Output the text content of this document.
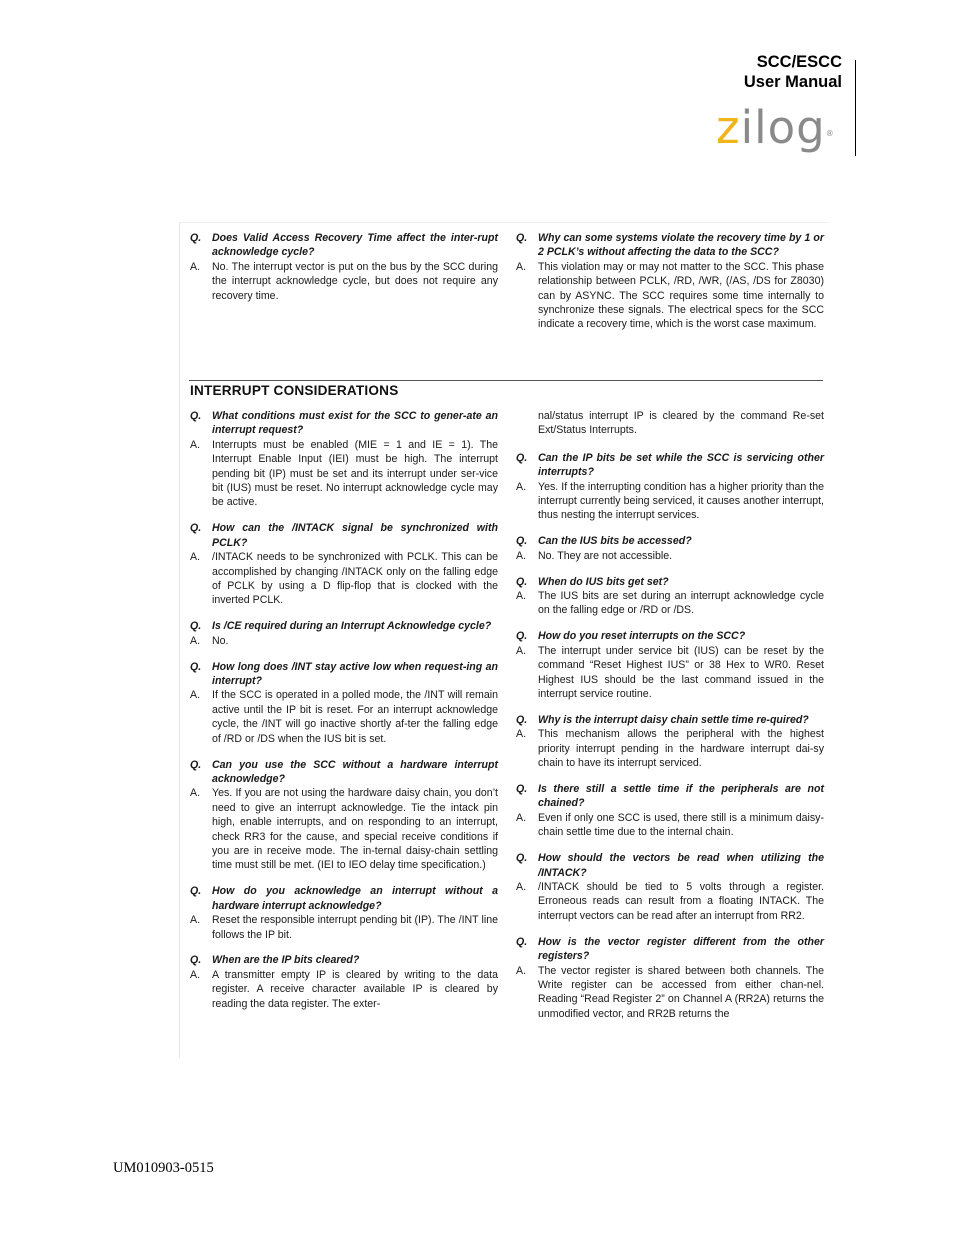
SCC/ESCC
User Manual
zilog®
Q.	Does Valid Access Recovery Time affect the inter-rupt acknowledge cycle?
A.	No. The interrupt vector is put on the bus by the SCC during the interrupt acknowledge cycle, but does not require any recovery time.
Q.	Why can some systems violate the recovery time by 1 or 2 PCLK’s without affecting the data to the SCC?
A.	This violation may or may not matter to the SCC. This phase relationship between PCLK, /RD, /WR, (/AS, /DS for Z8030) can by ASYNC. The SCC requires some time internally to synchronize these signals. The electrical specs for the SCC indicate a recovery time, which is the worst case maximum.
INTERRUPT CONSIDERATIONS
Q.	What conditions must exist for the SCC to gener-ate an interrupt request?
A.	Interrupts must be enabled (MIE = 1 and IE = 1). The Interrupt Enable Input (IEI) must be high. The interrupt pending bit (IP) must be set and its interrupt under ser-vice bit (IUS) must be reset. No interrupt acknowledge cycle may be active.
Q.	How can the /INTACK signal be synchronized with PCLK?
A.	/INTACK needs to be synchronized with PCLK. This can be accomplished by changing /INTACK only on the falling edge of PCLK by using a D flip-flop that is clocked with the inverted PCLK.
Q.	Is /CE required during an Interrupt Acknowledge cycle?
A.	No.
Q.	How long does /INT stay active low when request-ing an interrupt?
A.	If the SCC is operated in a polled mode, the /INT will remain active until the IP bit is reset. For an interrupt acknowledge cycle, the /INT will go inactive shortly af-ter the falling edge of /RD or /DS when the IUS bit is set.
Q.	Can you use the SCC without a hardware interrupt acknowledge?
A.	Yes. If you are not using the hardware daisy chain, you don’t need to give an interrupt acknowledge. Tie the intack pin high, enable interrupts, and on responding to an interrupt, check RR3 for the cause, and special receive conditions if you are in receive mode. The in-ternal daisy-chain settling time must still be met. (IEI to IEO delay time specification.)
Q.	How do you acknowledge an interrupt without a hardware interrupt acknowledge?
A.	Reset the responsible interrupt pending bit (IP). The /INT line follows the IP bit.
Q.	When are the IP bits cleared?
A.	A transmitter empty IP is cleared by writing to the data register. A receive character available IP is cleared by reading the data register. The exter-
nal/status interrupt IP is cleared by the command Re-set Ext/Status Interrupts.
Q.	Can the IP bits be set while the SCC is servicing other interrupts?
A.	Yes. If the interrupting condition has a higher priority than the interrupt currently being serviced, it causes another interrupt, thus nesting the interrupt services.
Q.	Can the IUS bits be accessed?
A.	No. They are not accessible.
Q.	When do IUS bits get set?
A.	The IUS bits are set during an interrupt acknowledge cycle on the falling edge or /RD or /DS.
Q.	How do you reset interrupts on the SCC?
A.	The interrupt under service bit (IUS) can be reset by the command “Reset Highest IUS” or 38 Hex to WR0. Reset Highest IUS should be the last command issued in the interrupt service routine.
Q.	Why is the interrupt daisy chain settle time re-quired?
A.	This mechanism allows the peripheral with the highest priority interrupt pending in the hardware interrupt dai-sy chain to have its interrupt serviced.
Q.	Is there still a settle time if the peripherals are not chained?
A.	Even if only one SCC is used, there still is a minimum daisy-chain settle time due to the internal chain.
Q.	How should the vectors be read when utilizing the /INTACK?
A.	/INTACK should be tied to 5 volts through a register. Erroneous reads can result from a floating INTACK. The interrupt vectors can be read after an interrupt from RR2.
Q.	How is the vector register different from the other registers?
A.	The vector register is shared between both channels. The Write register can be accessed from either chan-nel. Reading “Read Register 2” on Channel A (RR2A) returns the unmodified vector, and RR2B returns the
UM010903-0515
